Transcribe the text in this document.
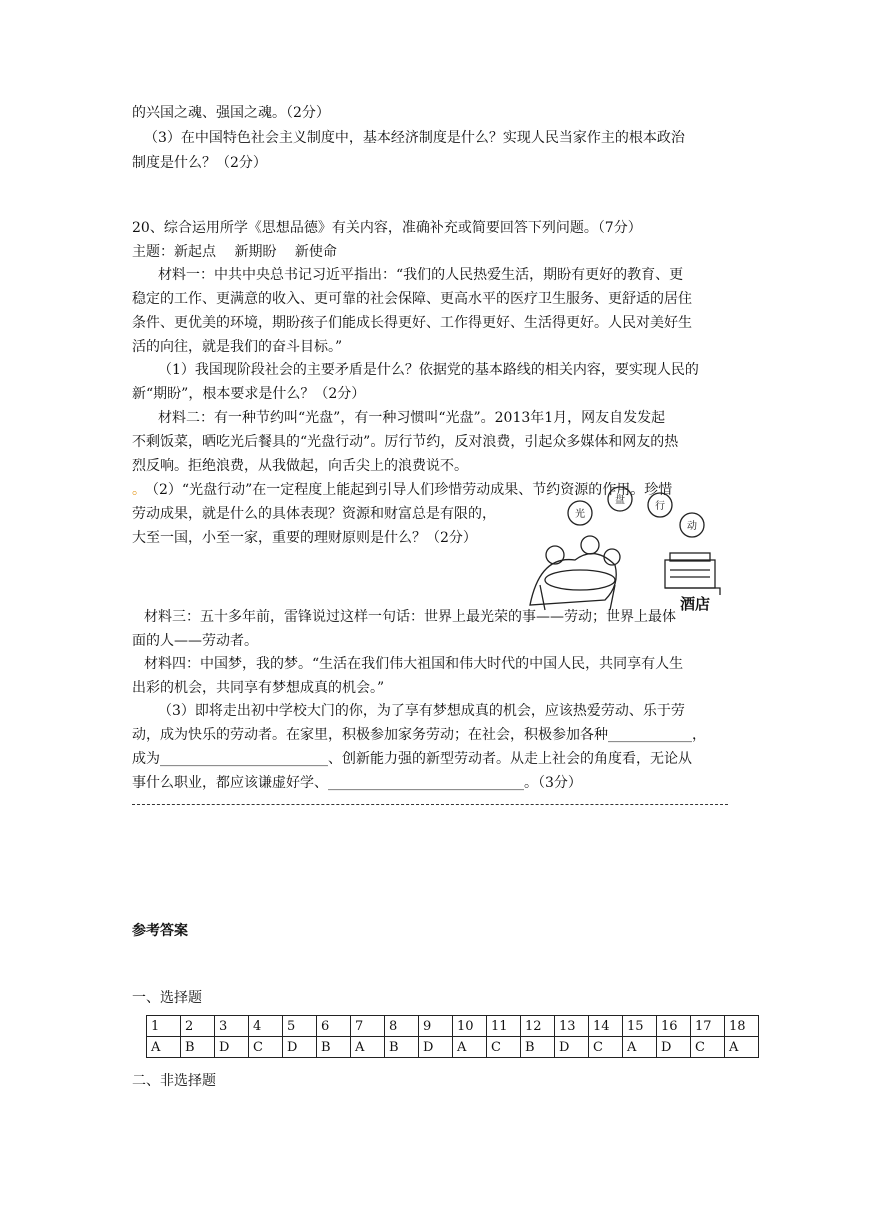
的兴国之魂、强国之魂。（2分）
（3）在中国特色社会主义制度中，基本经济制度是什么？实现人民当家作主的根本政治
制度是什么？（2分）
20、综合运用所学《思想品德》有关内容，准确补充或简要回答下列问题。（7分）
主题：新起点　 新期盼　 新使命
材料一：中共中央总书记习近平指出：“我们的人民热爱生活，期盼有更好的教育、更
稳定的工作、更满意的收入、更可靠的社会保障、更高水平的医疗卫生服务、更舒适的居住
条件、更优美的环境，期盼孩子们能成长得更好、工作得更好、生活得更好。人民对美好生
活的向往，就是我们的奋斗目标。”
（1）我国现阶段社会的主要矛盾是什么？依据党的基本路线的相关内容，要实现人民的
新“期盼”，根本要求是什么？（2分）
材料二：有一种节约叫“光盘”，有一种习惯叫“光盘”。2013年1月，网友自发发起
不剩饭菜，晒吃光后餐具的“光盘行动”。厉行节约，反对浪费，引起众多媒体和网友的热
烈反响。拒绝浪费，从我做起，向舌尖上的浪费说不。
。 （2）“光盘行动”在一定程度上能起到引导人们珍惜劳动成果、节约资源的作用。珍惜
劳动成果，就是什么的具体表现？资源和财富总是有限的，
大至一国，小至一家，重要的理财原则是什么？（2分）
光
盘
行
动
酒店
材料三：五十多年前，雷锋说过这样一句话：世界上最光荣的事——劳动；世界上最体
面的人——劳动者。
材料四：中国梦，我的梦。“生活在我们伟大祖国和伟大时代的中国人民，共同享有人生
出彩的机会，共同享有梦想成真的机会。”
（3）即将走出初中学校大门的你，为了享有梦想成真的机会，应该热爱劳动、乐于劳
动，成为快乐的劳动者。在家里，积极参加家务劳动；在社会，积极参加各种____________，
成为________________________、创新能力强的新型劳动者。从走上社会的角度看，无论从
事什么职业，都应该谦虚好学、____________________________。（3分）
参考答案
一、选择题
1	2	3	4	5	6	7	8	9	10	11	12	13	14	15	16	17	18
A	B	D	C	D	B	A	B	D	A	C	B	D	C	A	D	C	A
二、非选择题
